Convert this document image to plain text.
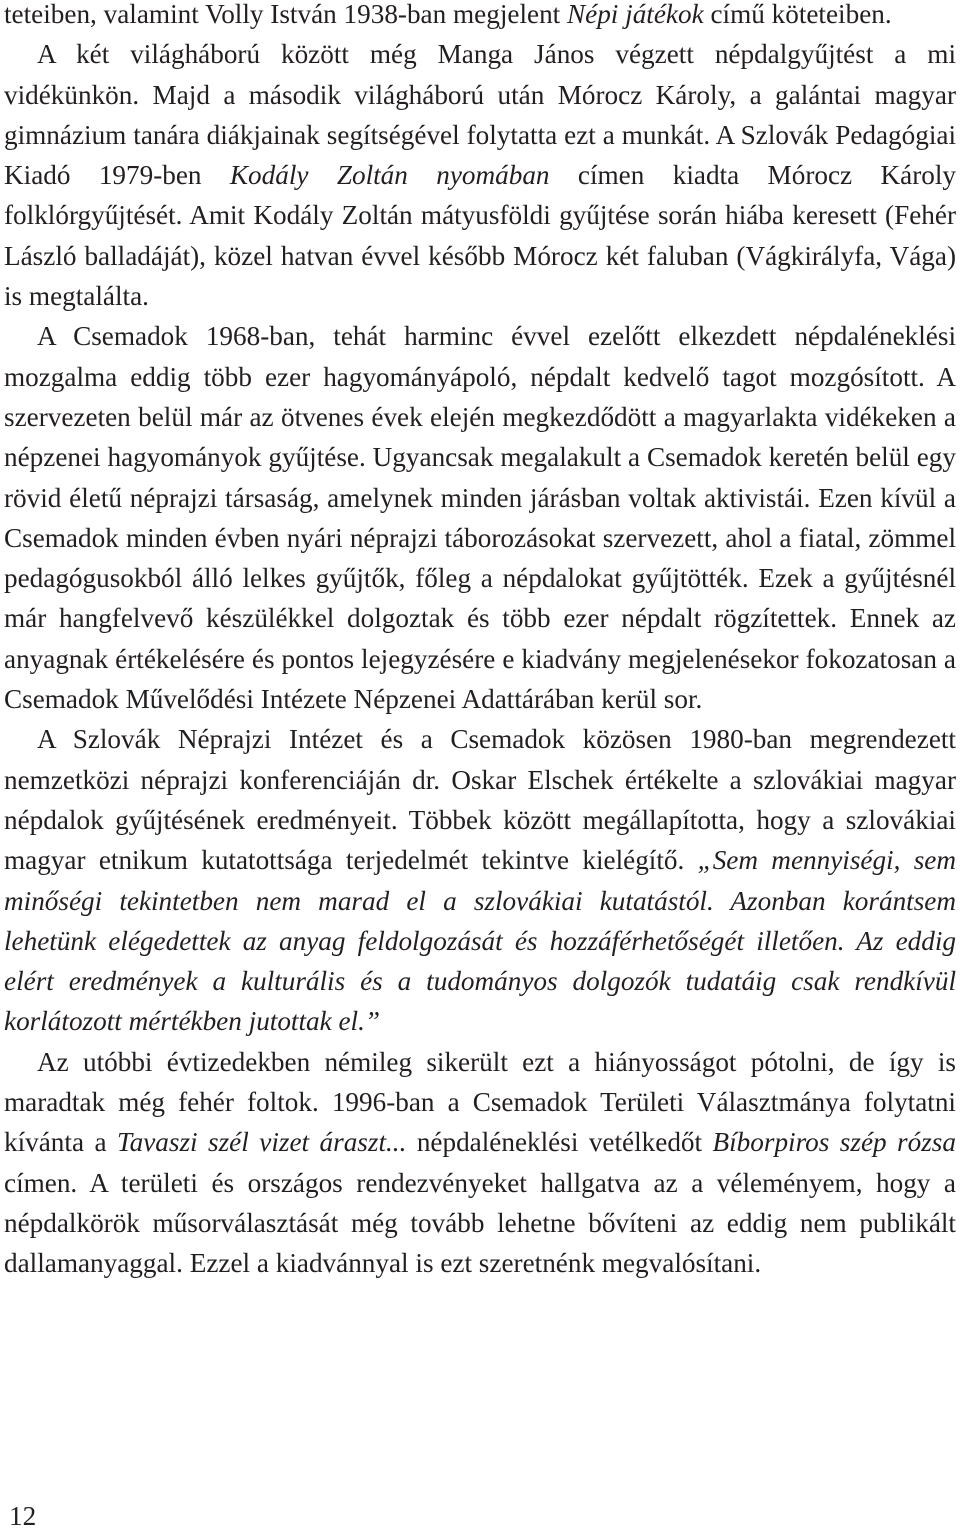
teteiben, valamint Volly István 1938-ban megjelent Népi játékok című köteteiben.

A két világháború között még Manga János végzett népdalgyűjtést a mi vidékünkön. Majd a második világháború után Mórocz Károly, a galántai magyar gimnázium tanára diákjainak segítségével folytatta ezt a munkát. A Szlovák Pedagógiai Kiadó 1979-ben Kodály Zoltán nyomában címen kiadta Mórocz Károly folklórgyűjtését. Amit Kodály Zoltán mátyusföldi gyűjtése során hiába keresett (Fehér László balladáját), közel hatvan évvel később Mórocz két faluban (Vágkirályfa, Vága) is megtalálta.

A Csemadok 1968-ban, tehát harminc évvel ezelőtt elkezdett népdaléneklési mozgalma eddig több ezer hagyományápoló, népdalt kedvelő tagot mozgósított. A szervezeten belül már az ötvenes évek elején megkezdődött a magyarlakta vidékeken a népzenei hagyományok gyűjtése. Ugyancsak megalakult a Csemadok keretén belül egy rövid életű néprajzi társaság, amelynek minden járásban voltak aktivistái. Ezen kívül a Csemadok minden évben nyári néprajzi táborozásokat szervezett, ahol a fiatal, zömmel pedagógusokból álló lelkes gyűjtők, főleg a népdalokat gyűjtötték. Ezek a gyűjtésnél már hangfelvevő készülékkel dolgoztak és több ezer népdalt rögzítettek. Ennek az anyagnak értékelésére és pontos lejegyzésére e kiadvány megjelenésekor fokozatosan a Csemadok Művelődési Intézete Népzenei Adattárában kerül sor.

A Szlovák Néprajzi Intézet és a Csemadok közösen 1980-ban megrendezett nemzetközi néprajzi konferenciáján dr. Oskar Elschek értékelte a szlovákiai magyar népdalok gyűjtésének eredményeit. Többek között megállapította, hogy a szlovákiai magyar etnikum kutatottsága terjedelmét tekintve kielégítő. „Sem mennyiségi, sem minőségi tekintetben nem marad el a szlovákiai kutatástól. Azonban korántsem lehetünk elégedettek az anyag feldolgozását és hozzáférhetőségét illetően. Az eddig elért eredmények a kulturális és a tudományos dolgozók tudatáig csak rendkívül korlátozott mértékben jutottak el.”

Az utóbbi évtizedekben némileg sikerült ezt a hiányosságot pótolni, de így is maradtak még fehér foltok. 1996-ban a Csemadok Területi Választmánya folytatni kívánta a Tavaszi szél vizet áraszt... népdaléneklési vetélkedőt Bíborpiros szép rózsa címen. A területi és országos rendezvényeket hallgatva az a véleményem, hogy a népdalkörök műsorválasztását még tovább lehetne bővíteni az eddig nem publikált dallamanyaggal. Ezzel a kiadvánnyal is ezt szeretnénk megvalósítani.

12
